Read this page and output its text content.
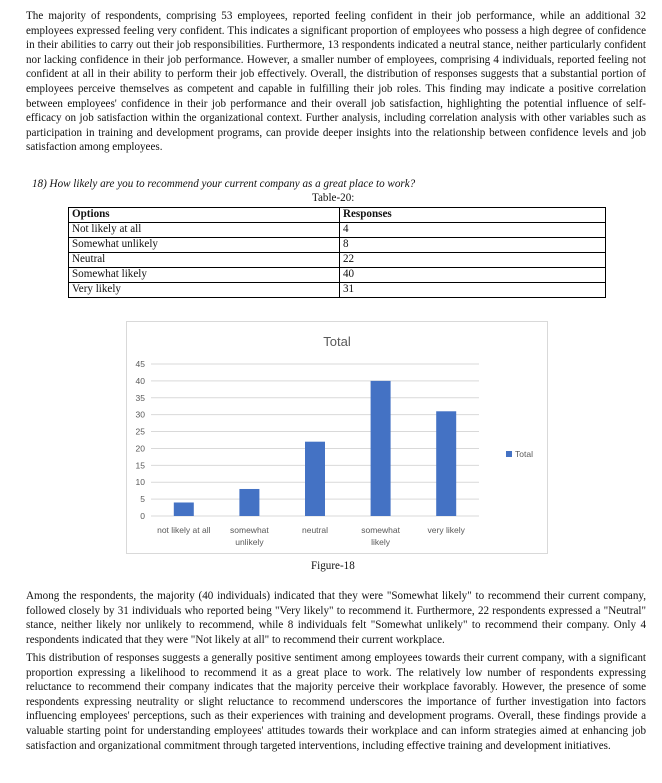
The majority of respondents, comprising 53 employees, reported feeling confident in their job performance, while an additional 32 employees expressed feeling very confident. This indicates a significant proportion of employees who possess a high degree of confidence in their abilities to carry out their job responsibilities. Furthermore, 13 respondents indicated a neutral stance, neither particularly confident nor lacking confidence in their job performance. However, a smaller number of employees, comprising 4 individuals, reported feeling not confident at all in their ability to perform their job effectively. Overall, the distribution of responses suggests that a substantial portion of employees perceive themselves as competent and capable in fulfilling their job roles. This finding may indicate a positive correlation between employees' confidence in their job performance and their overall job satisfaction, highlighting the potential influence of self-efficacy on job satisfaction within the organizational context. Further analysis, including correlation analysis with other variables such as participation in training and development programs, can provide deeper insights into the relationship between confidence levels and job satisfaction among employees.

18) How likely are you to recommend your current company as a great place to work?

Table-20:

Options	Responses
Not likely at all	4
Somewhat unlikely	8
Neutral	22
Somewhat likely	40
Very likely	31
Total
0
5
10
15
20
25
30
35
40
45
not likely at all somewhat
unlikely
neutral	somewhat
likely
very likely
Total

Figure-18

Among the respondents, the majority (40 individuals) indicated that they were "Somewhat likely" to recommend their current company, followed closely by 31 individuals who reported being "Very likely" to recommend it. Furthermore, 22 respondents expressed a "Neutral" stance, neither likely nor unlikely to recommend, while 8 individuals felt "Somewhat unlikely" to recommend their company. Only 4 respondents indicated that they were "Not likely at all" to recommend their current workplace.

This distribution of responses suggests a generally positive sentiment among employees towards their current company, with a significant proportion expressing a likelihood to recommend it as a great place to work. The relatively low number of respondents expressing reluctance to recommend their company indicates that the majority perceive their workplace favorably. However, the presence of some respondents expressing neutrality or slight reluctance to recommend underscores the importance of further investigation into factors influencing employees' perceptions, such as their experiences with training and development programs. Overall, these findings provide a valuable starting point for understanding employees' attitudes towards their workplace and can inform strategies aimed at enhancing job satisfaction and organizational commitment through targeted interventions, including effective training and development initiatives.
